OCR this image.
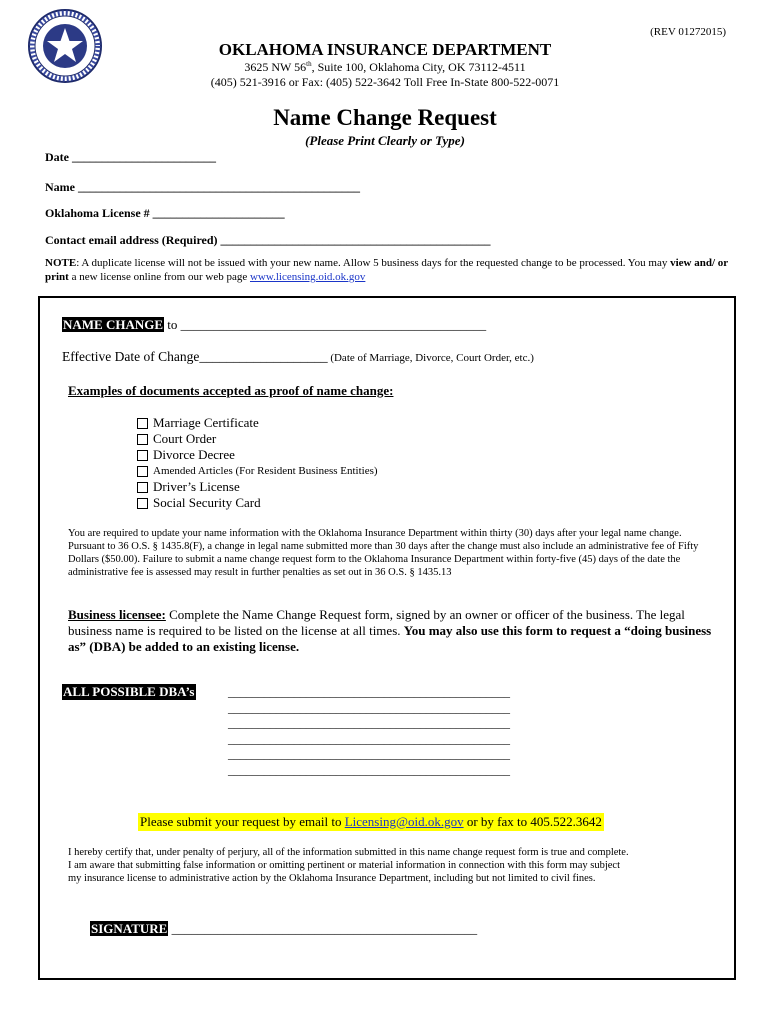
(REV 01272015)
OKLAHOMA INSURANCE DEPARTMENT
3625 NW 56th, Suite 100, Oklahoma City, OK 73112-4511
(405) 521-3916 or Fax: (405) 522-3642 Toll Free In-State 800-522-0071
Name Change Request
(Please Print Clearly or Type)
Date ________________________
Name _______________________________________________
Oklahoma License # ______________________
Contact email address (Required) _____________________________________________
NOTE: A duplicate license will not be issued with your new name. Allow 5 business days for the requested change to be processed. You may view and/ or print a new license online from our web page www.licensing.oid.ok.gov
NAME CHANGE to _______________________________________________
Effective Date of Change___________________ (Date of Marriage, Divorce, Court Order, etc.)
Examples of documents accepted as proof of name change:
Marriage Certificate
Court Order
Divorce Decree
Amended Articles (For Resident Business Entities)
Driver’s License
Social Security Card
You are required to update your name information with the Oklahoma Insurance Department within thirty (30) days after your legal name change. Pursuant to 36 O.S. § 1435.8(F), a change in legal name submitted more than 30 days after the change must also include an administrative fee of Fifty Dollars ($50.00). Failure to submit a name change request form to the Oklahoma Insurance Department within forty-five (45) days of the date the administrative fee is assessed may result in further penalties as set out in 36 O.S. § 1435.13
Business licensee: Complete the Name Change Request form, signed by an owner or officer of the business. The legal business name is required to be listed on the license at all times. You may also use this form to request a “doing business as” (DBA) be added to an existing license.
ALL POSSIBLE DBA’s	_______________________________________________
_______________________________________________
_______________________________________________
_______________________________________________
_______________________________________________
_______________________________________________
Please submit your request by email to Licensing@oid.ok.gov or by fax to 405.522.3642
I hereby certify that, under penalty of perjury, all of the information submitted in this name change request form is true and complete.
I am aware that submitting false information or omitting pertinent or material information in connection with this form may subject
my insurance license to administrative action by the Oklahoma Insurance Department, including but not limited to civil fines.
SIGNATURE _______________________________________________
